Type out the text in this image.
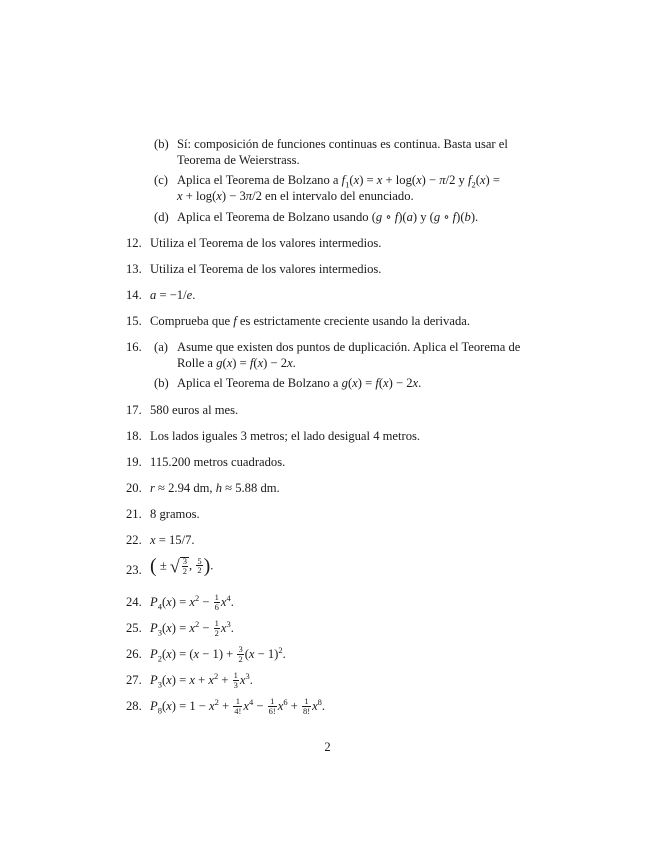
(b) Sí: composición de funciones continuas es continua. Basta usar el
Teorema de Weierstrass.
(c) Aplica el Teorema de Bolzano a $f_1(x) = x + \log(x) - \pi/2$ y $f_2(x)$ =
x + log(x) − 3π/2 en el intervalo del enunciado.
(d) Aplica el Teorema de Bolzano usando (g ∘ f)(a) y (g ∘ f)(b).
12. Utiliza el Teorema de los valores intermedios.
13. Utiliza el Teorema de los valores intermedios.
14. a = −1/e.
15. Comprueba que f es estrictamente creciente usando la derivada.
16. (a) Asume que existen dos puntos de duplicación. Aplica el Teorema de
Rolle a g(x) = f(x) − 2x.
(b) Aplica el Teorema de Bolzano a g(x) = f(x) − 2x.
17. 580 euros al mes.
18. Los lados iguales 3 metros; el lado desigual 4 metros.
19. 115.200 metros cuadrados.
20. r ≈ 2.94 dm, h ≈ 5.88 dm.
21. 8 gramos.
22. x = 15/7.
23. ( ± √ $\frac{3}{2}$ , $\frac{5}{2}$ ).
24. $P_4(x) = x^2 - \frac{1}{6} x^4$.
25. $P_3(x) = x^2 - \frac{1}{2} x^3$.
26. $P_2(x) = (x - 1) + \frac{3}{2} (x - 1)^2$.
27. $P_3(x) = x + x^2 + \frac{1}{3} x^3$.
28. $P_8(x) = 1 - x^2 + \frac{1}{4!} x^4 - \frac{1}{6!} x^6 + \frac{1}{8!} x^8$.
2
